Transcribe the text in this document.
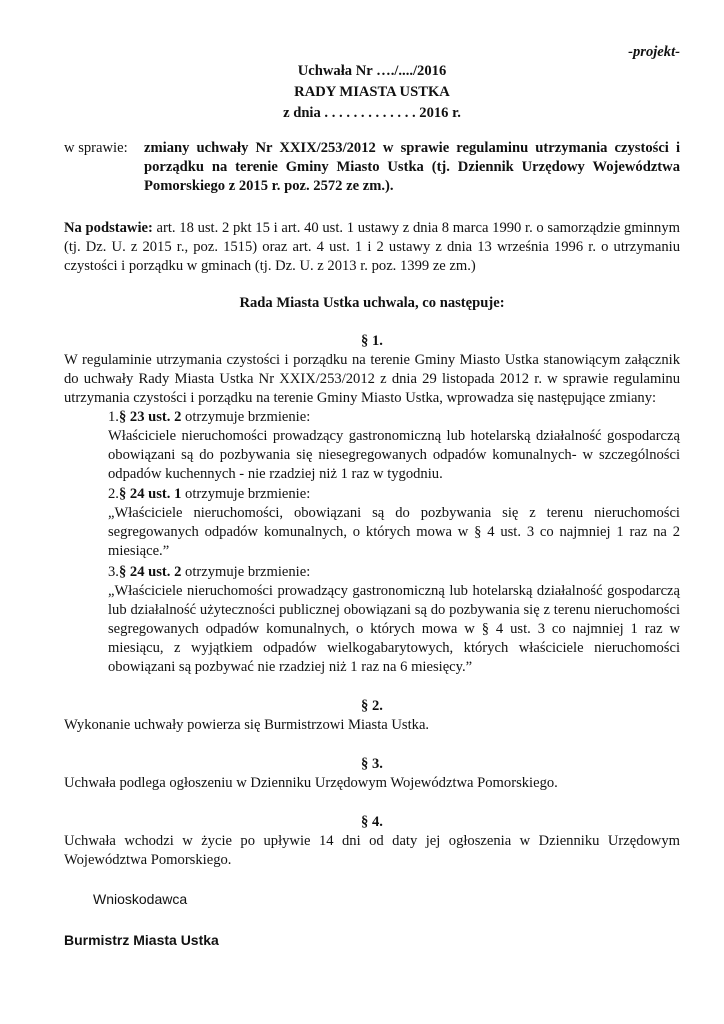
-projekt-
Uchwała Nr …./..../2016
RADY MIASTA USTKA
z dnia . . . . . . . . . . . . . 2016 r.
w sprawie: zmiany uchwały Nr XXIX/253/2012 w sprawie regulaminu utrzymania czystości i porządku na terenie Gminy Miasto Ustka (tj. Dziennik Urzędowy Województwa Pomorskiego z 2015 r. poz. 2572 ze zm.).
Na podstawie: art. 18 ust. 2 pkt 15 i art. 40 ust. 1 ustawy z dnia 8 marca 1990 r. o samorządzie gminnym (tj. Dz. U. z 2015 r., poz. 1515) oraz art. 4 ust. 1 i 2 ustawy z dnia 13 września 1996 r. o utrzymaniu czystości i porządku w gminach (tj. Dz. U. z 2013 r. poz. 1399 ze zm.)
Rada Miasta Ustka uchwala, co następuje:
§ 1.
W regulaminie utrzymania czystości i porządku na terenie Gminy Miasto Ustka stanowiącym załącznik do uchwały Rady Miasta Ustka Nr XXIX/253/2012 z dnia 29 listopada 2012 r. w sprawie regulaminu utrzymania czystości i porządku na terenie Gminy Miasto Ustka, wprowadza się następujące zmiany:
1.§ 23 ust. 2 otrzymuje brzmienie:
Właściciele nieruchomości prowadzący gastronomiczną lub hotelarską działalność gospodarczą obowiązani są do pozbywania się niesegregowanych odpadów komunalnych- w szczególności odpadów kuchennych - nie rzadziej niż 1 raz w tygodniu.
2.§ 24 ust. 1 otrzymuje brzmienie:
„Właściciele nieruchomości, obowiązani są do pozbywania się z terenu nieruchomości segregowanych odpadów komunalnych, o których mowa w § 4 ust. 3 co najmniej 1 raz na 2 miesiące.”
3.§ 24 ust. 2 otrzymuje brzmienie:
„Właściciele nieruchomości prowadzący gastronomiczną lub hotelarską działalność gospodarczą lub działalność użyteczności publicznej obowiązani są do pozbywania się z terenu nieruchomości segregowanych odpadów komunalnych, o których mowa w § 4 ust. 3 co najmniej 1 raz w miesiącu, z wyjątkiem odpadów wielkogabarytowych, których właściciele nieruchomości obowiązani są pozbywać nie rzadziej niż 1 raz na 6 miesięcy.”
§ 2.
Wykonanie uchwały powierza się Burmistrzowi Miasta Ustka.
§ 3.
Uchwała podlega ogłoszeniu w Dzienniku Urzędowym Województwa Pomorskiego.
§ 4.
Uchwała wchodzi w życie po upływie 14 dni od daty jej ogłoszenia w Dzienniku Urzędowym Województwa Pomorskiego.
Wnioskodawca
Burmistrz Miasta Ustka
